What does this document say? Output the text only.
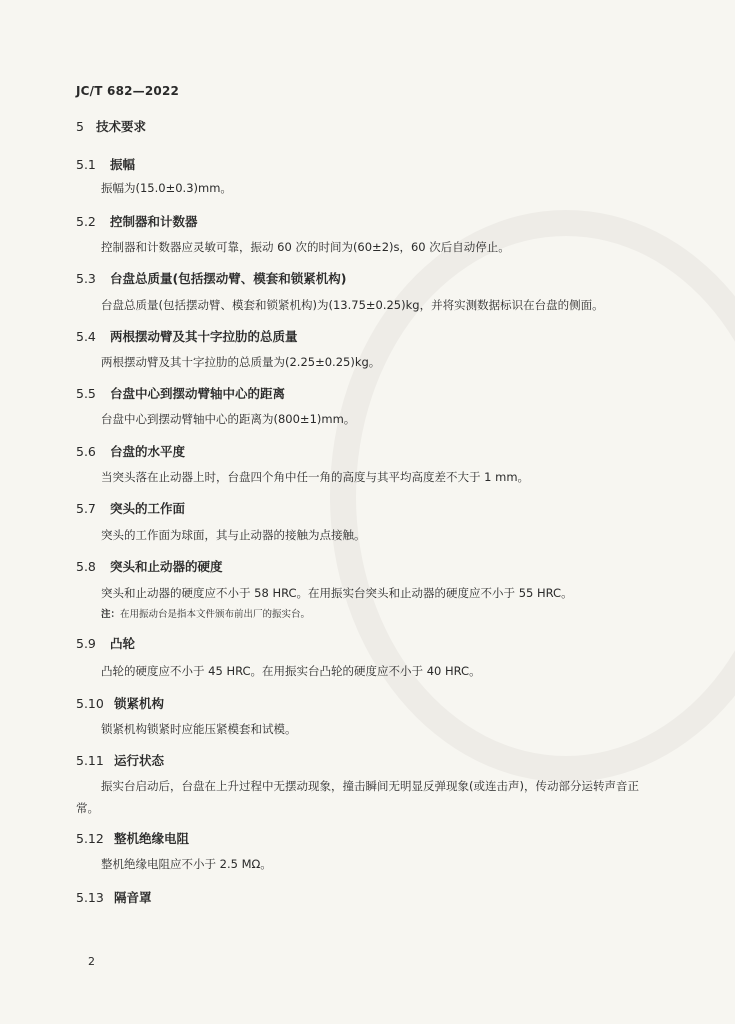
JC/T 682—2022
5 技术要求
5.1 振幅
振幅为(15.0±0.3)mm。
5.2 控制器和计数器
控制器和计数器应灵敏可靠，振动 60 次的时间为(60±2)s，60 次后自动停止。
5.3 台盘总质量(包括摆动臂、模套和锁紧机构)
台盘总质量(包括摆动臂、模套和锁紧机构)为(13.75±0.25)kg，并将实测数据标识在台盘的侧面。
5.4 两根摆动臂及其十字拉肋的总质量
两根摆动臂及其十字拉肋的总质量为(2.25±0.25)kg。
5.5 台盘中心到摆动臂轴中心的距离
台盘中心到摆动臂轴中心的距离为(800±1)mm。
5.6 台盘的水平度
当突头落在止动器上时，台盘四个角中任一角的高度与其平均高度差不大于 1 mm。
5.7 突头的工作面
突头的工作面为球面，其与止动器的接触为点接触。
5.8 突头和止动器的硬度
突头和止动器的硬度应不小于 58 HRC。在用振实台突头和止动器的硬度应不小于 55 HRC。
注：在用振动台是指本文件颁布前出厂的振实台。
5.9 凸轮
凸轮的硬度应不小于 45 HRC。在用振实台凸轮的硬度应不小于 40 HRC。
5.10 锁紧机构
锁紧机构锁紧时应能压紧模套和试模。
5.11 运行状态
振实台启动后，台盘在上升过程中无摆动现象，撞击瞬间无明显反弹现象(或连击声)，传动部分运转声音正常。
5.12 整机绝缘电阻
整机绝缘电阻应不小于 2.5 MΩ。
5.13 隔音罩
2
